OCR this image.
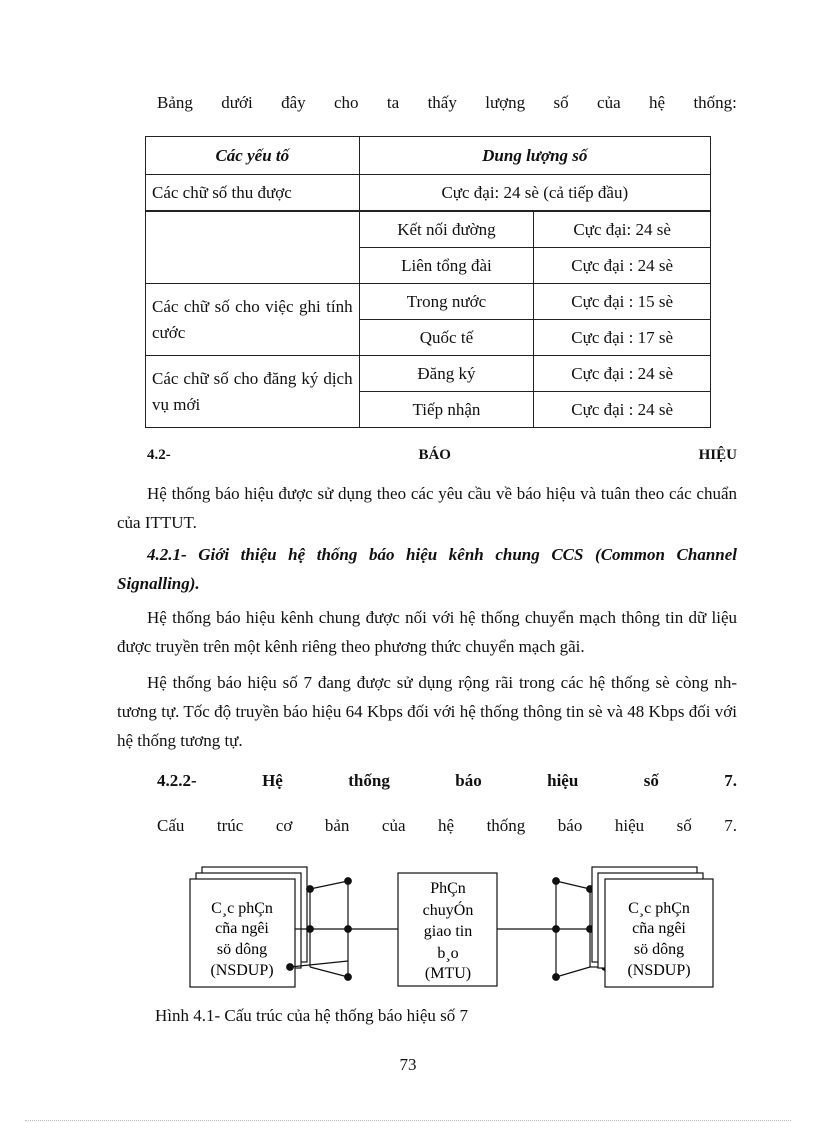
Bảng dưới đây cho ta thấy lượng số của hệ thống:
Các yếu tố	Dung lượng số	
Các chữ số thu được	Cực đại: 24 sè (cả tiếp đầu)	
	Kết nối đường	Cực đại: 24 sè
	Liên tổng đài	Cực đại : 24 sè
Các chữ số cho việc ghi tính cước	Trong nước	Cực đại : 15 sè
	Quốc tế	Cực đại : 17 sè
Các chữ số cho đăng ký dịch vụ mới	Đăng ký	Cực đại : 24 sè
	Tiếp nhận	Cực đại : 24 sè
4.2-	BÁO	HIỆU
Hệ thống báo hiệu được sử dụng theo các yêu cầu về báo hiệu và tuân theo các chuẩn của ITTUT.
4.2.1- Giới thiệu hệ thống báo hiệu kênh chung CCS (Common Channel Signalling).
Hệ thống báo hiệu kênh chung được nối với hệ thống chuyển mạch thông tin dữ liệu được truyền trên một kênh riêng theo phương thức chuyển mạch gãi.
Hệ thống báo hiệu số 7 đang được sử dụng rộng rãi trong các hệ thống sè còng nh tương tự. Tốc độ truyền báo hiệu 64 Kbps đối với hệ thống thông tin sè và 48 Kbps đối với hệ thống tương tự.
4.2.2-	Hệ	thống	báo	hiệu	số	7.
Cấu trúc cơ bản của hệ thống báo hiệu số 7.
C¸c phÇn
cña ngêi
sö dông
(NSDUP)
PhÇn
chuyÓn
giao tin
b¸o
(MTU)
C¸c phÇn
cña ngêi
sö dông
(NSDUP)
Hình 4.1- Cấu trúc của hệ thống báo hiệu số 7
73
